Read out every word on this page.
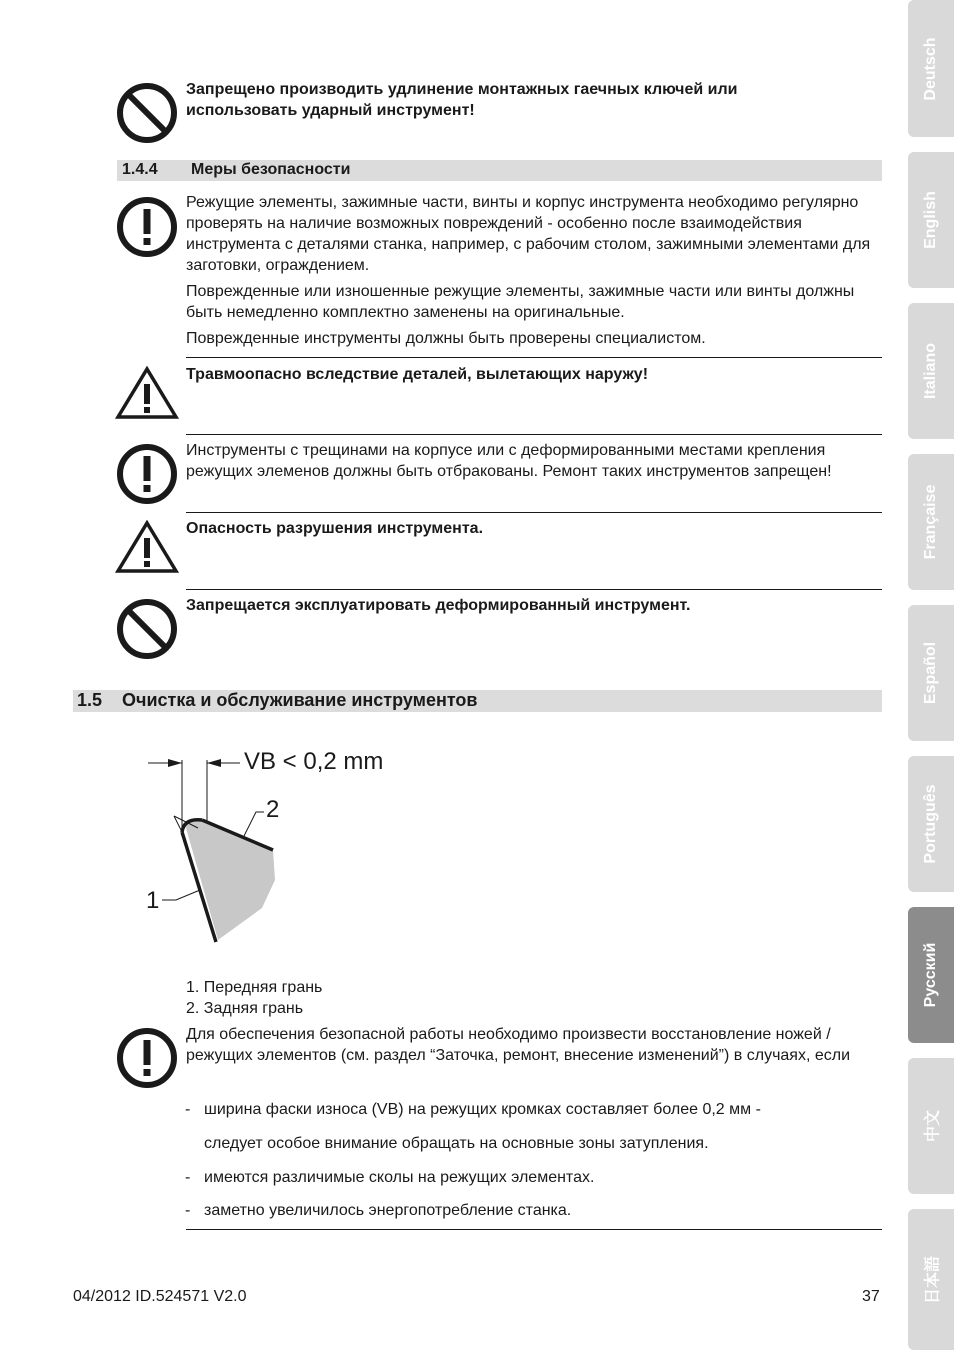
Запрещено производить удлинение монтажных гаечных ключей или использовать ударный инструмент!
1.4.4 Меры безопасности
Режущие элементы, зажимные части, винты и корпус инструмента необходимо регулярно проверять на наличие возможных повреждений - особенно после взаимодействия инструмента с деталями станка, например, с рабочим столом, зажимными элементами для заготовки, ограждением.
Поврежденные или изношенные режущие элементы, зажимные части или винты должны быть немедленно комплектно заменены на оригинальные.
Поврежденные инструменты должны быть проверены специалистом.
Травмоопасно вследствие деталей, вылетающих наружу!
Инструменты с трещинами на корпусе или с деформированными местами крепления режущих элеменов должны быть отбракованы. Ремонт таких инструментов запрещен!
Опасность разрушения инструмента.
Запрещается эксплуатировать деформированный инструмент.
1.5 Очистка и обслуживание инструментов
VB < 0,2 mm
2
1
1. Передняя грань
2. Задняя грань
Для обеспечения безопасной работы необходимо произвести восстановление ножей / режущих элементов (см. раздел “Заточка, ремонт, внесение изменений”) в случаях, если
- ширина фаски износа (VB) на режущих кромках составляет более 0,2 мм -
следует особое внимание обращать на основные зоны затупления.
- имеются различимые сколы на режущих элементах.
- заметно увеличилось энергопотребление станка.
04/2012 ID.524571 V2.0	37
Deutsch
English
Italiano
Française
Español
Português
Русский
中文
日本語
